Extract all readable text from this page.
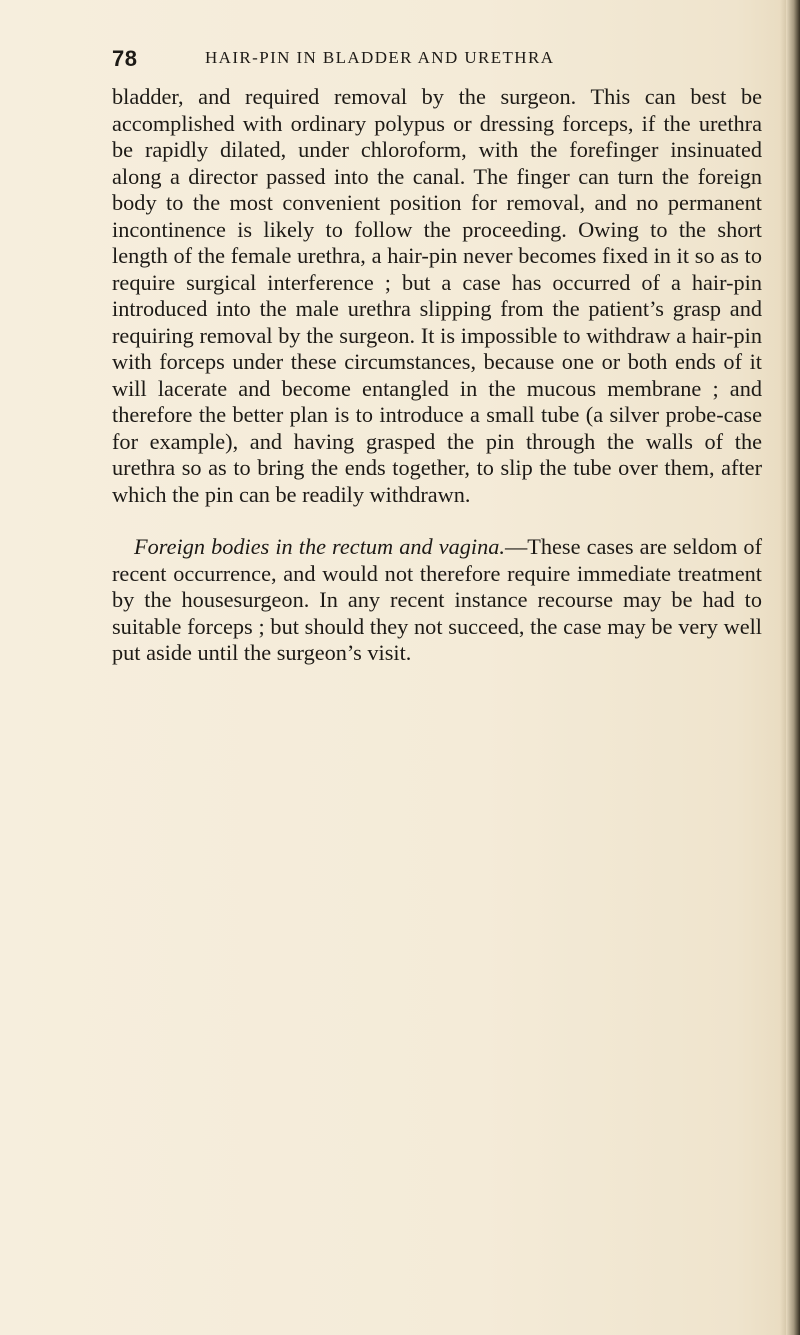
78	HAIR-PIN IN BLADDER AND URETHRA

bladder, and required removal by the surgeon. This can best be accomplished with ordinary polypus or dressing forceps, if the urethra be rapidly dilated, under chloroform, with the forefinger insinuated along a director passed into the canal. The finger can turn the foreign body to the most convenient position for removal, and no permanent incontinence is likely to follow the proceeding. Owing to the short length of the female urethra, a hair-pin never becomes fixed in it so as to require surgical interference ; but a case has occurred of a hair-pin introduced into the male urethra slipping from the patient’s grasp and requiring removal by the surgeon. It is impossible to withdraw a hair-pin with forceps under these circumstances, because one or both ends of it will lacerate and become entangled in the mucous membrane ; and therefore the better plan is to introduce a small tube (a silver probe-case for example), and having grasped the pin through the walls of the urethra so as to bring the ends together, to slip the tube over them, after which the pin can be readily withdrawn.

Foreign bodies in the rectum and vagina.—These cases are seldom of recent occurrence, and would not therefore require immediate treatment by the housesurgeon. In any recent instance recourse may be had to suitable forceps ; but should they not succeed, the case may be very well put aside until the surgeon’s visit.
